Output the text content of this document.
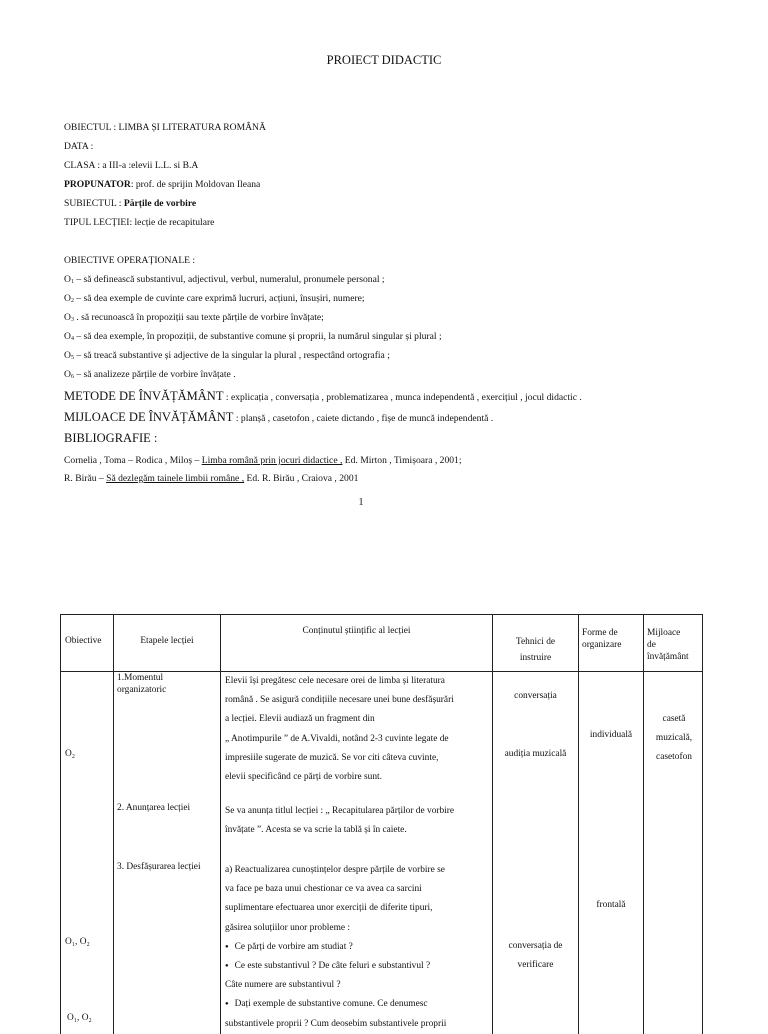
PROIECT DIDACTIC
OBIECTUL : LIMBA ȘI LITERATURA ROMÂNĂ
DATA :
CLASA : a III-a :elevii L.L. si B.A
PROPUNATOR: prof. de sprijin Moldovan Ileana
SUBIECTUL : Părțile de vorbire
TIPUL LECȚIEI: lecție de recapitulare
OBIECTIVE OPERAȚIONALE :
$O_1$ – să definească substantivul, adjectivul, verbul, numeralul, pronumele personal ;
$O_2$ – să dea exemple de cuvinte care exprimă lucruri, acțiuni, însușiri, numere;
$O_3$ . să recunoască în propoziții sau texte părțile de vorbire învățate;
$O_4$ – să dea exemple, în propoziții, de substantive comune și proprii, la numărul singular și plural ;
$O_5$ – să treacă substantive și adjective de la singular la plural , respectând ortografia ;
$O_6$ – să analizeze părțile de vorbire învățate .
METODE DE ÎNVĂȚĂMÂNT : explicația , conversația , problematizarea , munca independentă , exercițiul , jocul didactic .
MIJLOACE DE ÎNVĂȚĂMÂNT : planșă , casetofon , caiete dictando , fișe de muncă independentă .
BIBLIOGRAFIE :
Cornelia , Toma – Rodica , Miloș – Limba română prin jocuri didactice , Ed. Mirton , Timișoara , 2001;
R. Birău – Să dezlegăm tainele limbii române , Ed. R. Birău , Craiova , 2001
1
Obiective	Etapele lecției
Conținutul științific al lecției
Tehnici de
instruire
Forme de
organizare
Mijloace
de
învățământ
O₂
O₁, O₂
O₁, O₂
1.Momentul
organizatoric
2. Anunțarea lecției
3. Desfășurarea lecției
Elevii își pregătesc cele necesare orei de limba și literatura
română . Se asigură condițiile necesare unei bune desfășurări
a lecției. Elevii audiază un fragment din
„ Anotimpurile ” de A.Vivaldi, notând 2-3 cuvinte legate de
impresiile sugerate de muzică. Se vor citi câteva cuvinte,
elevii specificând ce părți de vorbire sunt.
Se va anunța titlul lecției : „ Recapitularea părților de vorbire
învățate ”. Acesta se va scrie la tablă și în caiete.
a) Reactualizarea cunoștințelor despre părțile de vorbire se
va face pe baza unui chestionar ce va avea ca sarcini
suplimentare efectuarea unor exerciții de diferite tipuri,
găsirea soluțiilor unor probleme :
● Ce părți de vorbire am studiat ?
● Ce este substantivul ? De câte feluri e substantivul ?
Câte numere are substantivul ?
● Dați exemple de substantive comune. Ce denumesc
substantivele proprii ? Cum deosebim substantivele proprii
conversația
audiția muzicală
conversația de
verificare
individuală
frontală
casetă
muzicală,
casetofon
